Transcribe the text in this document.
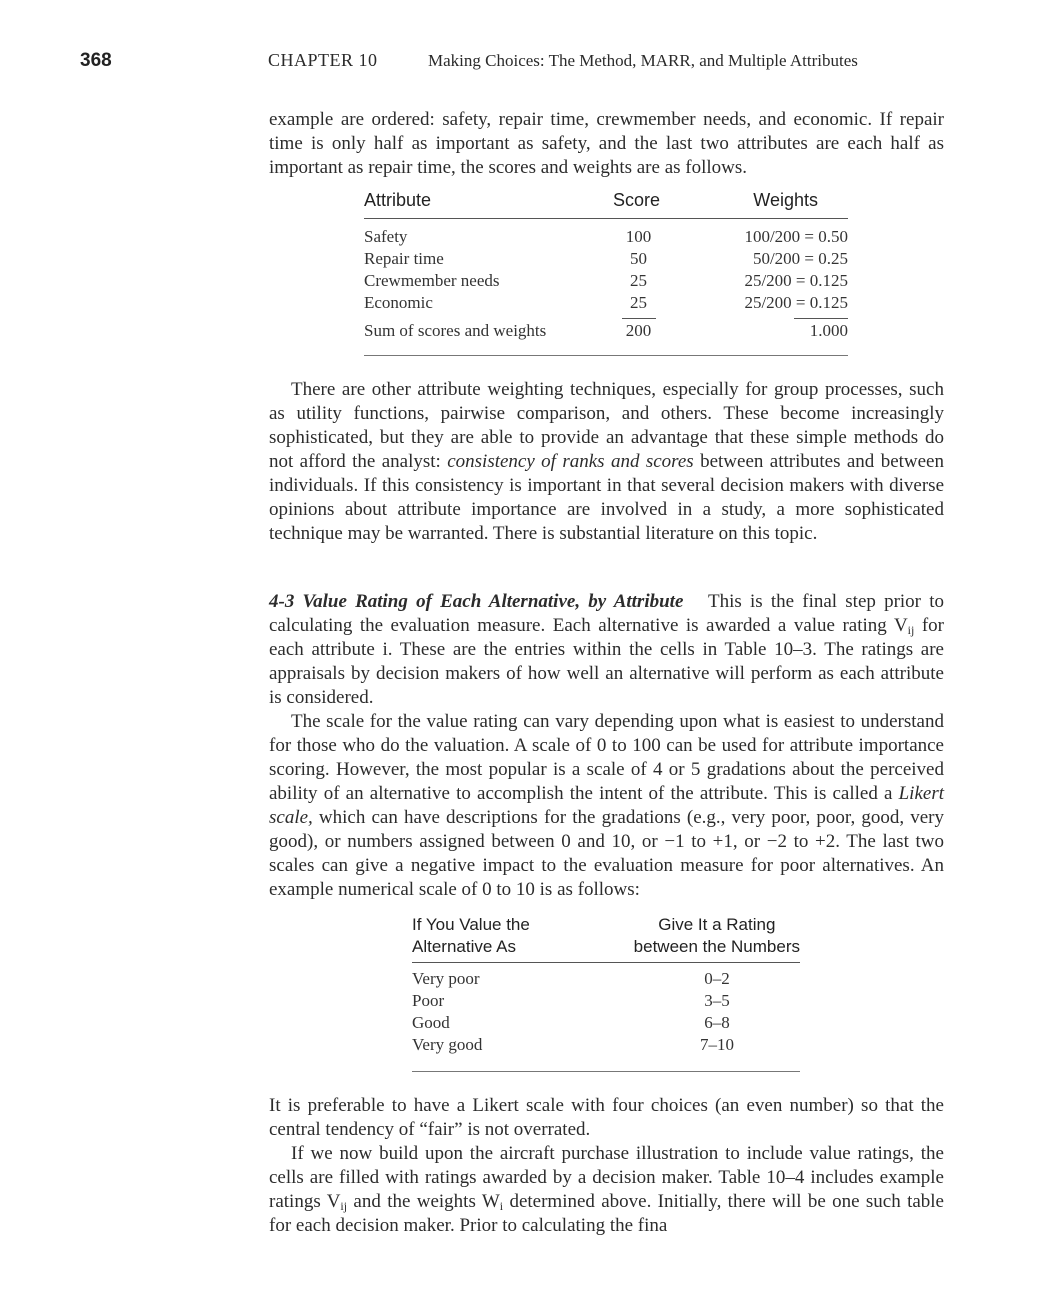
368	CHAPTER 10	Making Choices: The Method, MARR, and Multiple Attributes
example are ordered: safety, repair time, crewmember needs, and economic. If repair time is only half as important as safety, and the last two attributes are each half as important as repair time, the scores and weights are as follows.
Attribute	Score	Weights
Safety	100	100/200 = 0.50
Repair time	50	50/200 = 0.25
Crewmember needs	25	25/200 = 0.125
Economic	25	25/200 = 0.125
Sum of scores and weights	200	1.000
There are other attribute weighting techniques, especially for group processes, such as utility functions, pairwise comparison, and others. These become increasingly sophisticated, but they are able to provide an advantage that these simple methods do not afford the analyst: consistency of ranks and scores between attributes and between individuals. If this consistency is important in that several decision makers with diverse opinions about attribute importance are involved in a study, a more sophisticated technique may be warranted. There is substantial literature on this topic.
4-3 Value Rating of Each Alternative, by Attribute This is the final step prior to calculating the evaluation measure. Each alternative is awarded a value rating $V_{ij}$ for each attribute i. These are the entries within the cells in Table 10–3. The ratings are appraisals by decision makers of how well an alternative will perform as each attribute is considered.
The scale for the value rating can vary depending upon what is easiest to understand for those who do the valuation. A scale of 0 to 100 can be used for attribute importance scoring. However, the most popular is a scale of 4 or 5 gradations about the perceived ability of an alternative to accomplish the intent of the attribute. This is called a Likert scale, which can have descriptions for the gradations (e.g., very poor, poor, good, very good), or numbers assigned between 0 and 10, or −1 to +1, or −2 to +2. The last two scales can give a negative impact to the evaluation measure for poor alternatives. An example numerical scale of 0 to 10 is as follows:
If You Value the
Alternative As
Give It a Rating
between the Numbers
Very poor	0–2
Poor	3–5
Good	6–8
Very good	7–10
It is preferable to have a Likert scale with four choices (an even number) so that the central tendency of “fair” is not overrated.
If we now build upon the aircraft purchase illustration to include value ratings, the cells are filled with ratings awarded by a decision maker. Table 10–4 includes example ratings $V_{ij}$ and the weights $W_i$ determined above. Initially, there will be one such table for each decision maker. Prior to calculating the fina
